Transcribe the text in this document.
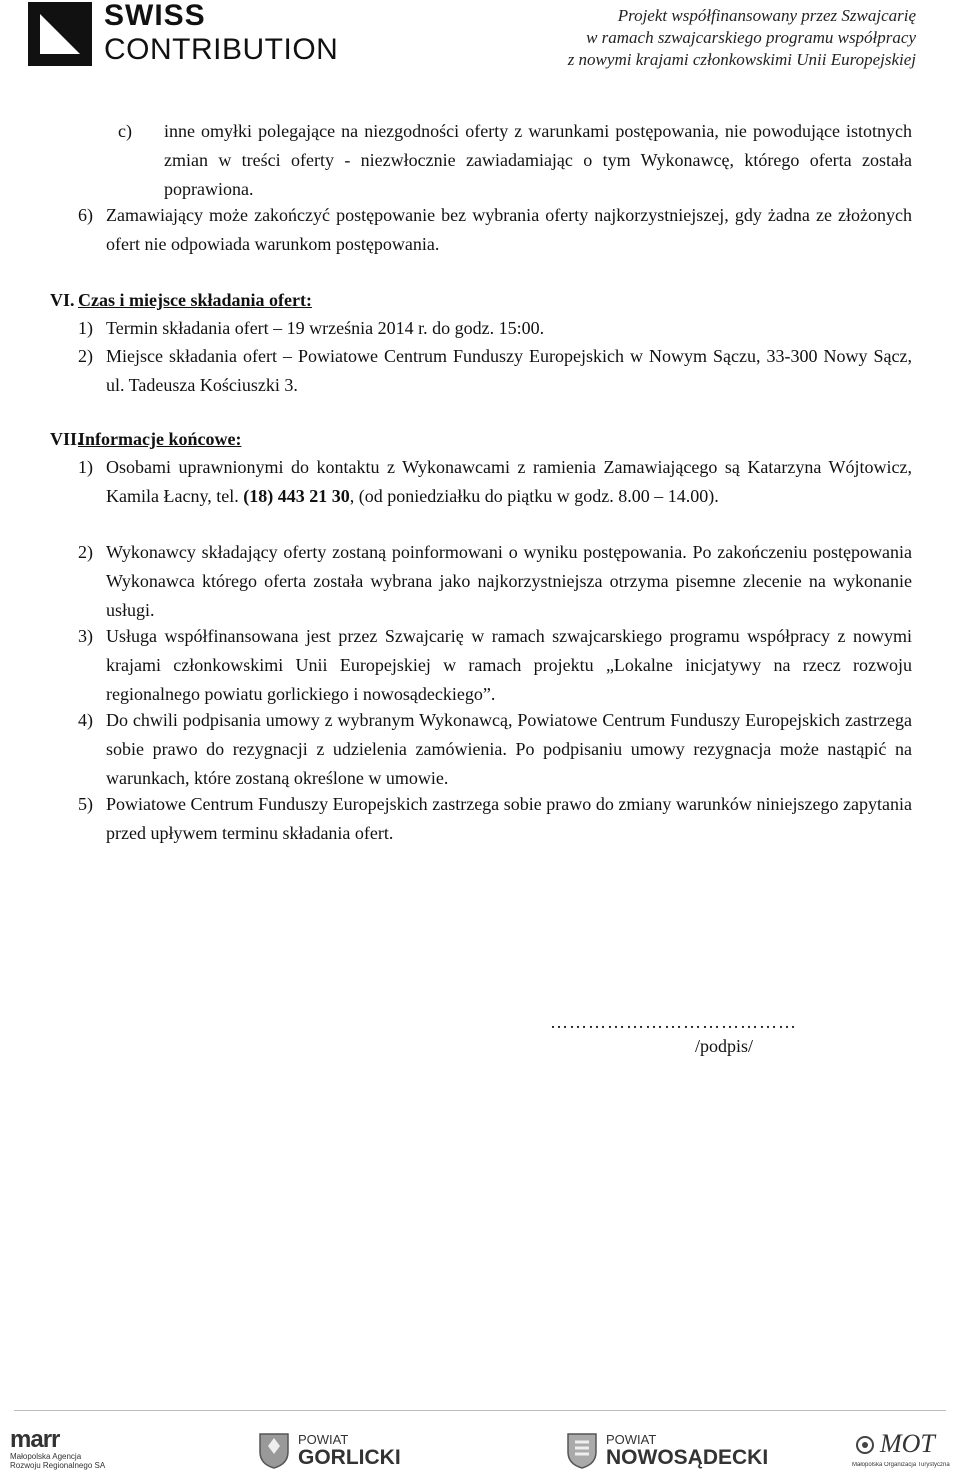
SWISS
CONTRIBUTION
Projekt współfinansowany przez Szwajcarię
w ramach szwajcarskiego programu współpracy
z nowymi krajami członkowskimi Unii Europejskiej
c) inne omyłki polegające na niezgodności oferty z warunkami postępowania, nie powodujące istotnych zmian w treści oferty - niezwłocznie zawiadamiając o tym Wykonawcę, którego oferta została poprawiona.
6) Zamawiający może zakończyć postępowanie bez wybrania oferty najkorzystniejszej, gdy żadna ze złożonych ofert nie odpowiada warunkom postępowania.
VI. Czas i miejsce składania ofert:
1) Termin składania ofert – 19 września 2014 r. do godz. 15:00.
2) Miejsce składania ofert – Powiatowe Centrum Funduszy Europejskich w Nowym Sączu, 33-300 Nowy Sącz, ul. Tadeusza Kościuszki 3.
VII.
Informacje końcowe:
1) Osobami uprawnionymi do kontaktu z Wykonawcami z ramienia Zamawiającego są Katarzyna Wójtowicz, Kamila Łacny, tel. (18) 443 21 30, (od poniedziałku do piątku w godz. 8.00 – 14.00).
2) Wykonawcy składający oferty zostaną poinformowani o wyniku postępowania. Po zakończeniu postępowania Wykonawca którego oferta została wybrana jako najkorzystniejsza otrzyma pisemne zlecenie na wykonanie usługi.
3) Usługa współfinansowana jest przez Szwajcarię w ramach szwajcarskiego programu współpracy z nowymi krajami członkowskimi Unii Europejskiej w ramach projektu „Lokalne inicjatywy na rzecz rozwoju regionalnego powiatu gorlickiego i nowosądeckiego”.
4) Do chwili podpisania umowy z wybranym Wykonawcą, Powiatowe Centrum Funduszy Europejskich zastrzega sobie prawo do rezygnacji z udzielenia zamówienia. Po podpisaniu umowy rezygnacja może nastąpić na warunkach, które zostaną określone w umowie.
5) Powiatowe Centrum Funduszy Europejskich zastrzega sobie prawo do zmiany warunków niniejszego zapytania przed upływem terminu składania ofert.
…………………………………
/podpis/
marr
Małopolska Agencja
Rozwoju Regionalnego SA
POWIAT
GORLICKI
POWIAT
NOWOSĄDECKI	MOT
Małopolska Organizacja Turystyczna
